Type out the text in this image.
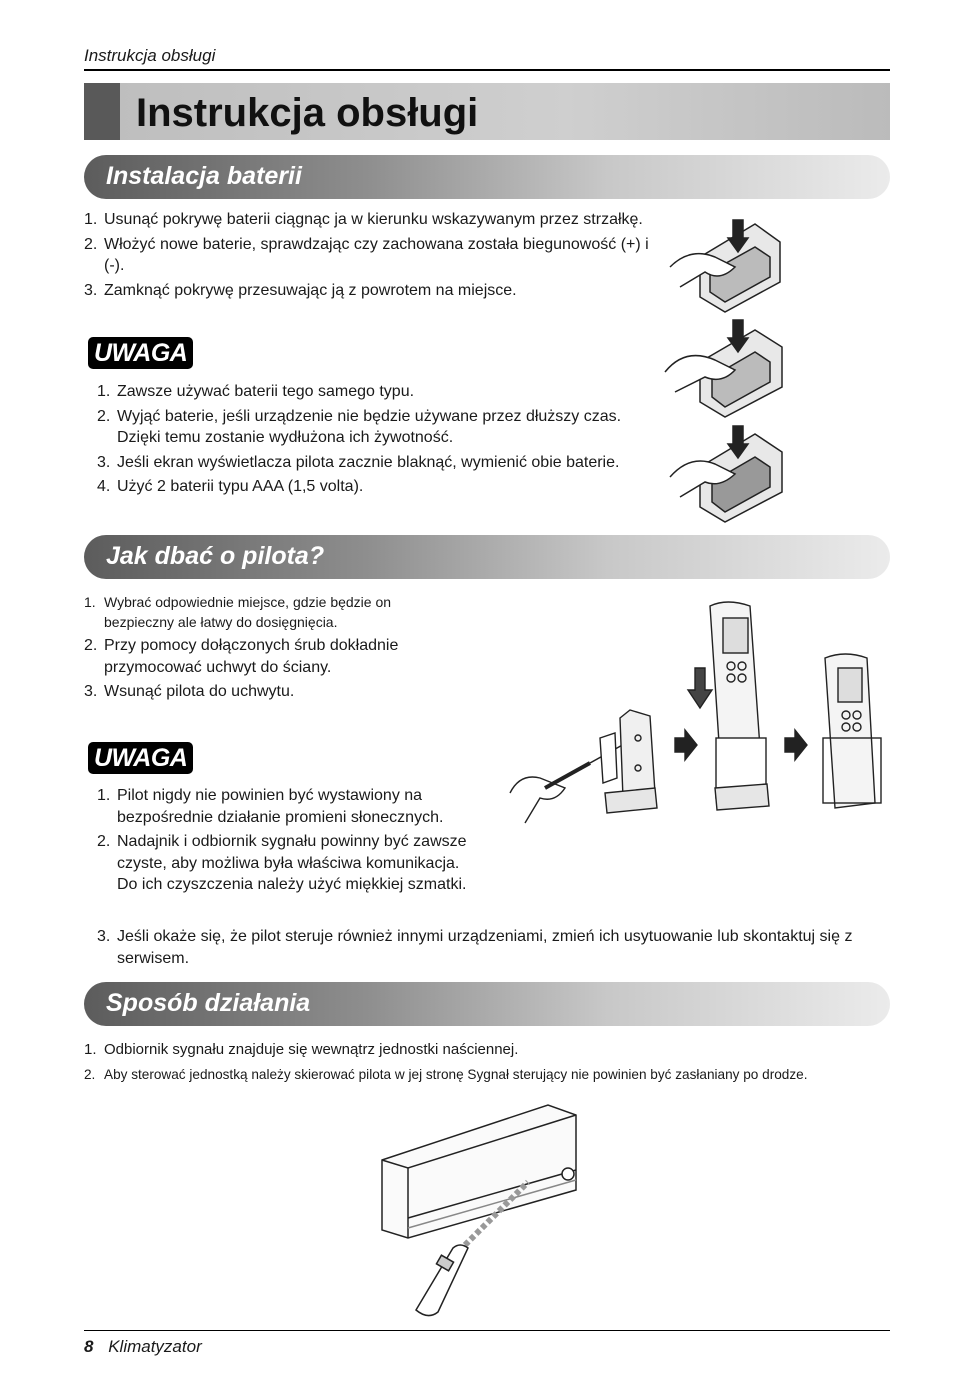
Instrukcja obsługi
Instrukcja obsługi
Instalacja baterii
1. Usunąć pokrywę baterii ciągnąc ja w kierunku wskazywanym przez strzałkę.
2. Włożyć nowe baterie, sprawdzając czy zachowana została biegunowość (+) i (-).
3. Zamknąć pokrywę przesuwając ją z powrotem na miejsce.
UWAGA
1. Zawsze używać baterii tego samego typu.
2. Wyjąć baterie, jeśli urządzenie nie będzie używane przez dłuższy czas. Dzięki temu zostanie wydłużona ich żywotność.
3. Jeśli ekran wyświetlacza pilota zacznie blaknąć, wymienić obie baterie.
4. Użyć 2 baterii typu AAA (1,5 volta).
Jak dbać o pilota?
1. Wybrać odpowiednie miejsce, gdzie będzie on bezpieczny ale łatwy do dosięgnięcia.
2. Przy pomocy dołączonych śrub dokładnie przymocować uchwyt do ściany.
3. Wsunąć pilota do uchwytu.
UWAGA
1. Pilot nigdy nie powinien być wystawiony na bezpośrednie działanie promieni słonecznych.
2. Nadajnik i odbiornik sygnału powinny być zawsze czyste, aby możliwa była właściwa komunikacja. Do ich czyszczenia należy użyć miękkiej szmatki.
3. Jeśli okaże się, że pilot steruje również innymi urządzeniami, zmień ich usytuowanie lub skontaktuj się z serwisem.
Sposób działania
1. Odbiornik sygnału znajduje się wewnątrz jednostki naściennej.
2. Aby sterować jednostką należy skierować pilota w jej stronę Sygnał sterujący nie powinien być zasłaniany po drodze.
8 Klimatyzator
